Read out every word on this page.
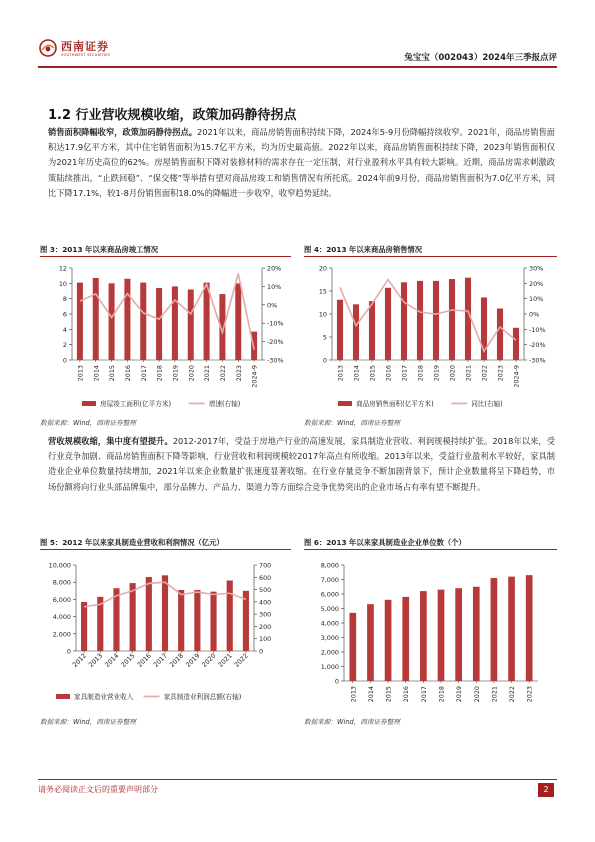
西南证券
SOUTHWEST SECURITIES	兔宝宝（002043）2024年三季报点评
1.2 行业营收规模收缩，政策加码静待拐点
销售面积降幅收窄，政策加码静待拐点。2021年以来，商品房销售面积持续下降，2024年5-9月份降幅持续收窄。2021年，商品房销售面积达17.9亿平方米，其中住宅销售面积为15.7亿平方米，均为历史最高值。2022年以来，商品房销售面积持续下降，2023年销售面积仅为2021年历史高位的62%。房屋销售面积下降对装修材料的需求存在一定压制，对行业盈利水平具有较大影响。近期，商品房需求刺激政策陆续推出，“止跌回稳”、“保交楼”等举措有望对商品房竣工和销售情况有所托底。2024年前9月份，商品房销售面积为7.0亿平方米，同比下降17.1%，较1-8月份销售面积18.0%的降幅进一步收窄，收窄趋势延续。
图 3：2013 年以来商品房竣工情况	图 4：2013 年以来商品房销售情况
0
2
4
6
8
10
12	20%
10%
0%
-10%
-20%
-30%
2013 2014 2015 2016 2017 2018 2019 2020 2021 2022 2023 2024-9
房屋竣工面积(亿平方米)	增速(右轴)
0
5
10
15
20	30%
20%
10%
0%
-10%
-20%
-30%
2013 2014 2015 2016 2017 2018 2019 2020 2021 2022 2023 2024-9
商品房销售面积(亿平方米)	同比(右轴)
数据来源：Wind，西南证券整理	数据来源：Wind，西南证券整理
营收规模收缩，集中度有望提升。2012-2017年，受益于房地产行业的高速发展，家具制造业营收、利润规模持续扩张。2018年以来，受行业竞争加剧、商品房销售面积下降等影响，行业营收和利润规模较2017年高点有所收缩。2013年以来，受益行业盈利水平较好，家具制造业企业单位数量持续增加，2021年以来企业数量扩张速度显著收缩。在行业存量竞争不断加剧背景下，预计企业数量将呈下降趋势，市场份额将向行业头部品牌集中，部分品牌力、产品力、渠道力等方面综合竞争优势突出的企业市场占有率有望不断提升。
图 5：2012 年以来家具制造业营收和利润情况（亿元）	图 6：2013 年以来家具制造业企业单位数（个）
0
2,000
4,000
6,000
8,000
10,000
0
100
200
300
400
500
600
700
2012 2013 2014 2015 2016 2017 2018 2019 2020 2021 2022
家具制造业营业收入	家具制造业利润总额(右轴)
0
1,000
2,000
3,000
4,000
5,000
6,000
7,000
8,000
2013 2014 2015 2016 2017 2018 2019 2020 2021 2022 2023
数据来源：Wind，西南证券整理	数据来源：Wind，西南证券整理
请务必阅读正文后的重要声明部分	2
